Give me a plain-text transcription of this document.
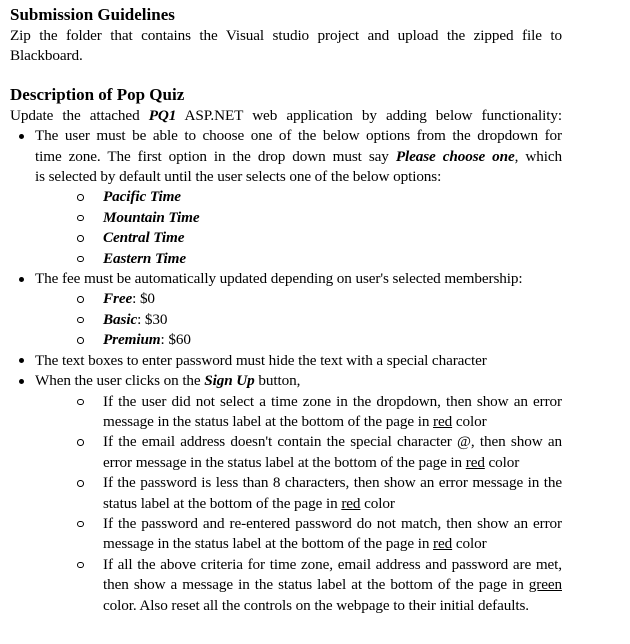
Submission Guidelines
Zip the folder that contains the Visual studio project and upload the zipped file to
Blackboard.
Description of Pop Quiz
Update the attached PQ1 ASP.NET web application by adding below functionality:
The user must be able to choose one of the below options from the dropdown for
time zone. The first option in the drop down must say Please choose one, which
is selected by default until the user selects one of the below options:
Pacific Time
Mountain Time
Central Time
Eastern Time
The fee must be automatically updated depending on user's selected membership:
Free: $0
Basic: $30
Premium: $60
The text boxes to enter password must hide the text with a special character
When the user clicks on the Sign Up button,
If the user did not select a time zone in the dropdown, then show an error
message in the status label at the bottom of the page in red color
If the email address doesn't contain the special character @, then show an
error message in the status label at the bottom of the page in red color
If the password is less than 8 characters, then show an error message in the
status label at the bottom of the page in red color
If the password and re-entered password do not match, then show an error
message in the status label at the bottom of the page in red color
If all the above criteria for time zone, email address and password are met,
then show a message in the status label at the bottom of the page in green
color. Also reset all the controls on the webpage to their initial defaults.
